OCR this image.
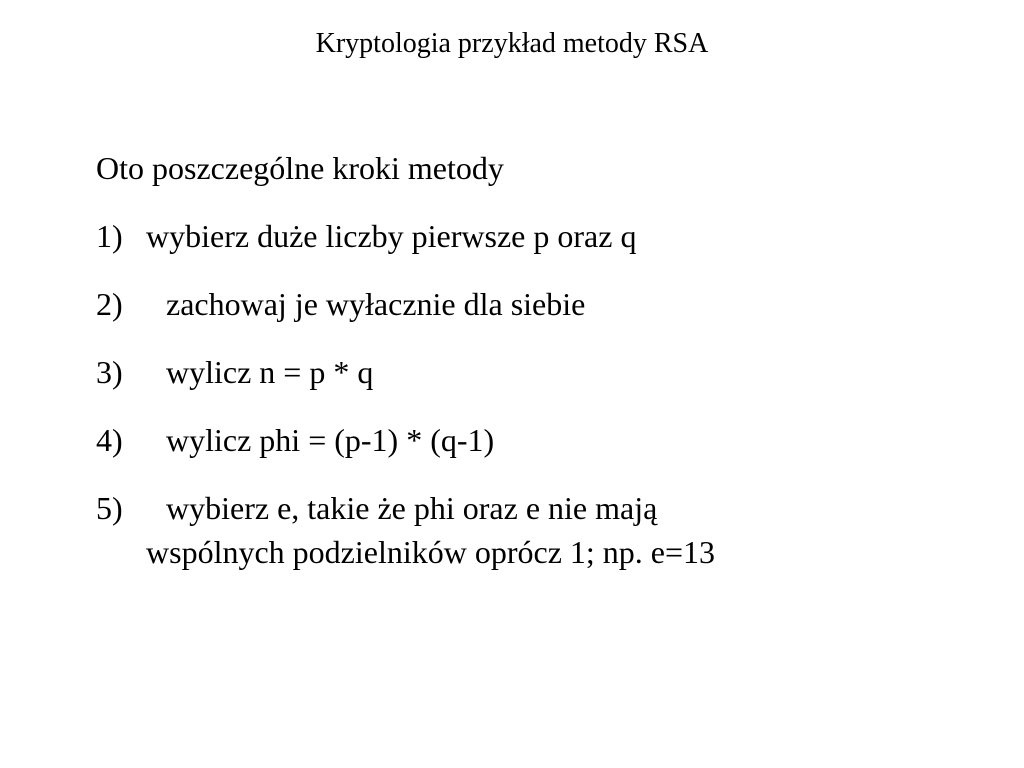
Kryptologia przykład metody RSA
Oto poszczególne kroki metody
1) wybierz duże liczby pierwsze p oraz q
2)	zachowaj je wyłacznie dla siebie
3)	wylicz n = p * q
4)	wylicz phi = (p-1) * (q-1)
5)	wybierz e, takie że phi oraz e nie mają
wspólnych podzielników oprócz 1; np. e=13
